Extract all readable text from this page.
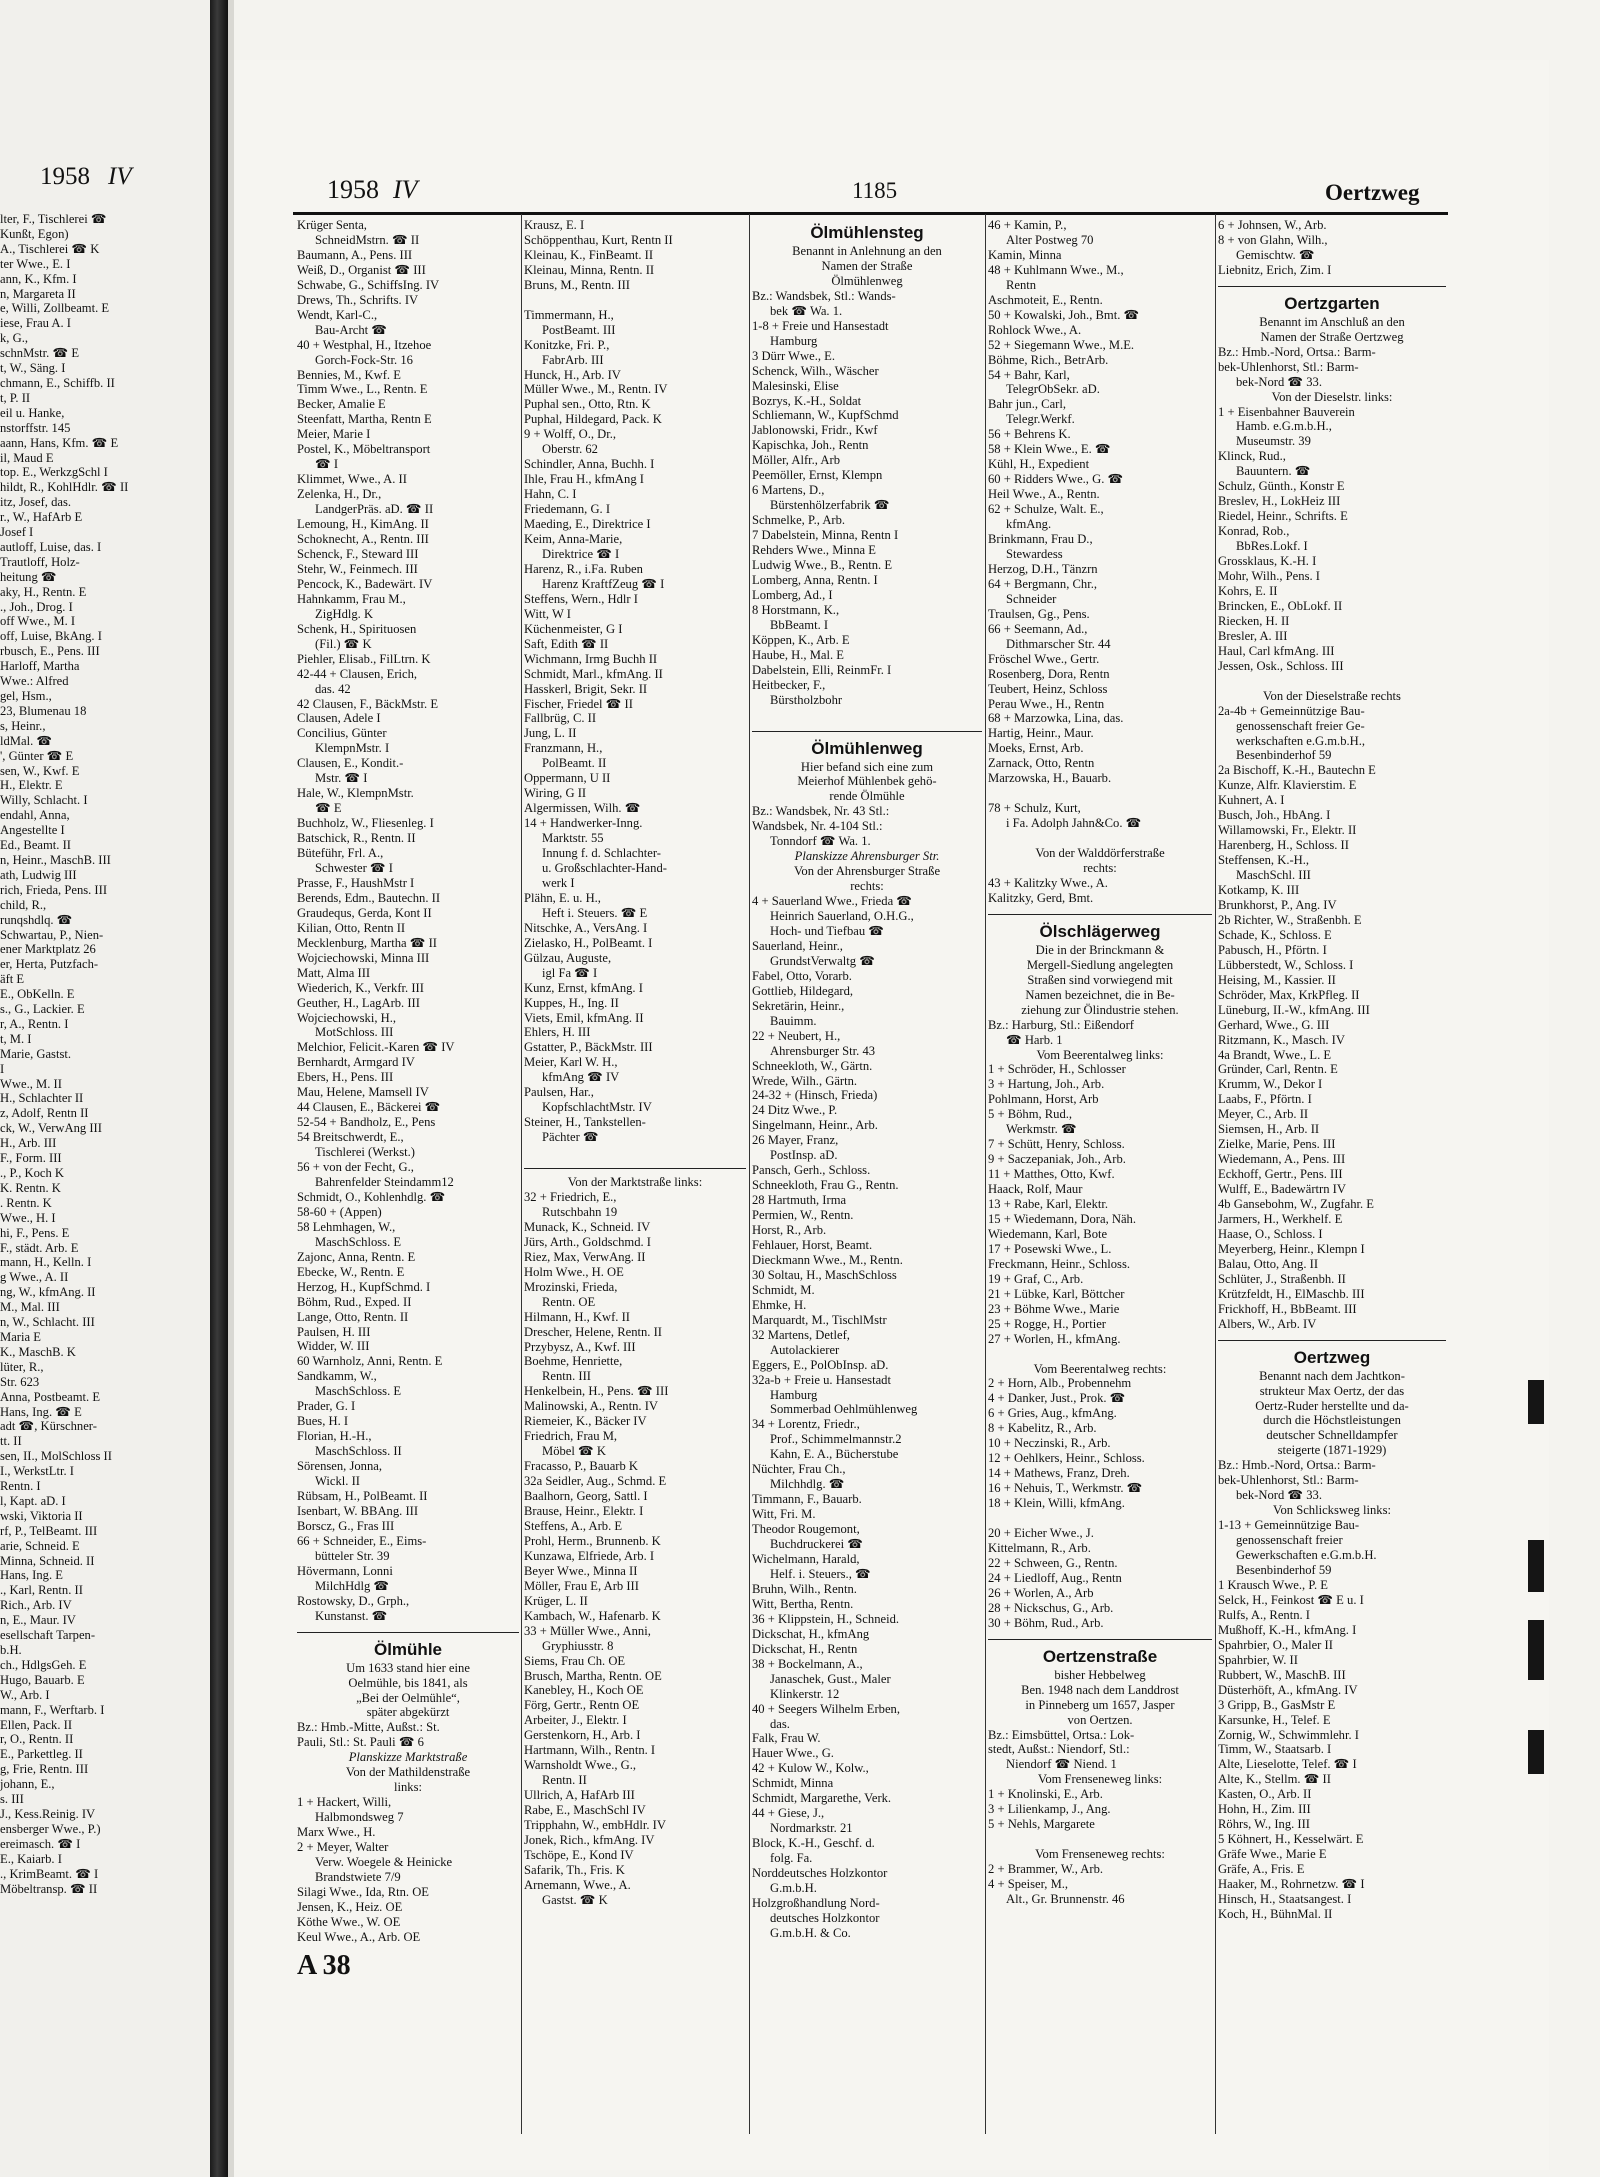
1958 IV
lter, F., Tischlerei ☎
Kunßt, Egon)
A., Tischlerei ☎ K
ter Wwe., E. I
ann, K., Kfm. I
n, Margareta II
e, Willi, Zollbeamt. E
iese, Frau A. I
k, G.,
schnMstr. ☎ E
t, W., Säng. I
chmann, E., Schiffb. II
t, P. II
eil u. Hanke,
nstorffstr. 145
aann, Hans, Kfm. ☎ E
il, Maud E
top. E., WerkzgSchl I
hildt, R., KohlHdlr. ☎ II
itz, Josef, das.
r., W., HafArb E
Josef I
autloff, Luise, das. I
Trautloff, Holz-
heitung ☎
aky, H., Rentn. E
., Joh., Drog. I
off Wwe., M. I
off, Luise, BkAng. I
rbusch, E., Pens. III
Harloff, Martha
Wwe.: Alfred
gel, Hsm.,
23, Blumenau 18
s, Heinr.,
ldMal. ☎
', Günter ☎ E
sen, W., Kwf. E
H., Elektr. E
Willy, Schlacht. I
endahl, Anna,
Angestellte I
Ed., Beamt. II
n, Heinr., MaschB. III
ath, Ludwig III
rich, Frieda, Pens. III
child, R.,
runqshdlq. ☎
Schwartau, P., Nien-
ener Marktplatz 26
er, Herta, Putzfach-
äft E
E., ObKelln. E
s., G., Lackier. E
r, A., Rentn. I
t, M. I
Marie, Gastst.
I
Wwe., M. II
H., Schlachter II
z, Adolf, Rentn II
ck, W., VerwAng III
H., Arb. III
F., Form. III
., P., Koch K
K. Rentn. K
. Rentn. K
Wwe., H. I
hi, F., Pens. E
F., städt. Arb. E
mann, H., Kelln. I
g Wwe., A. II
ng, W., kfmAng. II
M., Mal. III
n, W., Schlacht. III
Maria E
K., MaschB. K
lüter, R.,
Str. 623
Anna, Postbeamt. E
Hans, Ing. ☎ E
adt ☎, Kürschner-
tt. II
sen, II., MolSchloss II
I., WerkstLtr. I
Rentn. I
l, Kapt. aD. I
wski, Viktoria II
rf, P., TelBeamt. III
arie, Schneid. E
Minna, Schneid. II
Hans, Ing. E
., Karl, Rentn. II
Rich., Arb. IV
n, E., Maur. IV
esellschaft Tarpen-
b.H.
ch., HdlgsGeh. E
Hugo, Bauarb. E
W., Arb. I
mann, F., Werftarb. I
Ellen, Pack. II
r, O., Rentn. II
E., Parkettleg. II
g, Frie, Rentn. III
johann, E.,
s. III
J., Kess.Reinig. IV
ensberger Wwe., P.)
ereimasch. ☎ I
E., Kaiarb. I
., KrimBeamt. ☎ I
Möbeltransp. ☎ II
1958 IV	1185	Oertzweg
Krüger Senta,
SchneidMstrn. ☎ II
Baumann, A., Pens. III
Weiß, D., Organist ☎ III
Schwabe, G., SchiffsIng. IV
Drews, Th., Schrifts. IV
Wendt, Karl-C.,
Bau-Archt ☎
40 + Westphal, H., Itzehoe
Gorch-Fock-Str. 16
Bennies, M., Kwf. E
Timm Wwe., L., Rentn. E
Becker, Amalie E
Steenfatt, Martha, Rentn E
Meier, Marie I
Postel, K., Möbeltransport
☎ I
Klimmet, Wwe., A. II
Zelenka, H., Dr.,
LandgerPräs. aD. ☎ II
Lemoung, H., KimAng. II
Schoknecht, A., Rentn. III
Schenck, F., Steward III
Stehr, W., Feinmech. III
Pencock, K., Badewärt. IV
Hahnkamm, Frau M.,
ZigHdlg. K
Schenk, H., Spirituosen
(Fil.) ☎ K
Piehler, Elisab., FilLtrn. K
42-44 + Clausen, Erich,
das. 42
42 Clausen, F., BäckMstr. E
Clausen, Adele I
Concilius, Günter
KlempnMstr. I
Clausen, E., Kondit.-
Mstr. ☎ I
Hale, W., KlempnMstr.
☎ E
Buchholz, W., Fliesenleg. I
Batschick, R., Rentn. II
Büteführ, Frl. A.,
Schwester ☎ I
Prasse, F., HaushMstr I
Berends, Edm., Bautechn. II
Graudequs, Gerda, Kont II
Kilian, Otto, Rentn II
Mecklenburg, Martha ☎ II
Wojciechowski, Minna III
Matt, Alma III
Wiederich, K., Verkfr. III
Geuther, H., LagArb. III
Wojciechowski, H.,
MotSchloss. III
Melchior, Felicit.-Karen ☎ IV
Bernhardt, Armgard IV
Ebers, H., Pens. III
Mau, Helene, Mamsell IV
44 Clausen, E., Bäckerei ☎
52-54 + Bandholz, E., Pens
54 Breitschwerdt, E.,
Tischlerei (Werkst.)
56 + von der Fecht, G.,
Bahrenfelder Steindamm12
Schmidt, O., Kohlenhdlg. ☎
58-60 + (Appen)
58 Lehmhagen, W.,
MaschSchloss. E
Zajonc, Anna, Rentn. E
Ebecke, W., Rentn. E
Herzog, H., KupfSchmd. I
Böhm, Rud., Exped. II
Lange, Otto, Rentn. II
Paulsen, H. III
Widder, W. III
60 Warnholz, Anni, Rentn. E
Sandkamm, W.,
MaschSchloss. E
Prader, G. I
Bues, H. I
Florian, H.-H.,
MaschSchloss. II
Sörensen, Jonna,
Wickl. II
Rübsam, H., PolBeamt. II
Isenbart, W. BBAng. III
Borscz, G., Fras III
66 + Schneider, E., Eims-
bütteler Str. 39
Hövermann, Lonni
MilchHdlg ☎
Rostowsky, D., Grph.,
Kunstanst. ☎

Ölmühle
Um 1633 stand hier eine
Oelmühle, bis 1841, als
„Bei der Oelmühle“,
später abgekürzt
Bz.: Hmb.-Mitte, Außst.: St.
Pauli, Stl.: St. Pauli ☎ 6
Planskizze Marktstraße
Von der Mathildenstraße
links:
1 + Hackert, Willi,
Halbmondsweg 7
Marx Wwe., H.
2 + Meyer, Walter
Verw. Woegele & Heinicke
Brandstwiete 7/9
Silagi Wwe., Ida, Rtn. OE
Jensen, K., Heiz. OE
Köthe Wwe., W. OE
Keul Wwe., A., Arb. OE
A 38
Krausz, E. I
Schöppenthau, Kurt, Rentn II
Kleinau, K., FinBeamt. II
Kleinau, Minna, Rentn. II
Bruns, M., Rentn. III

Timmermann, H.,
PostBeamt. III
Konitzke, Fri. P.,
FabrArb. III
Hunck, H., Arb. IV
Müller Wwe., M., Rentn. IV
Puphal sen., Otto, Rtn. K
Puphal, Hildegard, Pack. K
9 + Wolff, O., Dr.,
Oberstr. 62
Schindler, Anna, Buchh. I
Ihle, Frau H., kfmAng I
Hahn, C. I
Friedemann, G. I
Maeding, E., Direktrice I
Keim, Anna-Marie,
Direktrice ☎ I
Harenz, R., i.Fa. Ruben
Harenz KraftfZeug ☎ I
Steffens, Wern., Hdlr I
Witt, W I
Küchenmeister, G I
Saft, Edith ☎ II
Wichmann, Irmg Buchh II
Schmidt, Marl., kfmAng. II
Hasskerl, Brigit, Sekr. II
Fischer, Friedel ☎ II
Fallbrüg, C. II
Jung, L. II
Franzmann, H.,
PolBeamt. II
Oppermann, U II
Wiring, G II
Algermissen, Wilh. ☎
14 + Handwerker-Inng.
Marktstr. 55
Innung f. d. Schlachter-
u. Großschlachter-Hand-
werk I
Plähn, E. u. H.,
Heft i. Steuers. ☎ E
Nitschke, A., VersAng. I
Zielasko, H., PolBeamt. I
Gülzau, Auguste,
igl Fa ☎ I
Kunz, Ernst, kfmAng. I
Kuppes, H., Ing. II
Viets, Emil, kfmAng. II
Ehlers, H. III
Gstatter, P., BäckMstr. III
Meier, Karl W. H.,
kfmAng ☎ IV
Paulsen, Har.,
KopfschlachtMstr. IV
Steiner, H., Tankstellen-
Pächter ☎

Von der Marktstraße links:
32 + Friedrich, E.,
Rutschbahn 19
Munack, K., Schneid. IV
Jürs, Arth., Goldschmd. I
Riez, Max, VerwAng. II
Holm Wwe., H. OE
Mrozinski, Frieda,
Rentn. OE
Hilmann, H., Kwf. II
Drescher, Helene, Rentn. II
Przybysz, A., Kwf. III
Boehme, Henriette,
Rentn. III
Henkelbein, H., Pens. ☎ III
Malinowski, A., Rentn. IV
Riemeier, K., Bäcker IV
Friedrich, Frau M,
Möbel ☎ K
Fracasso, P., Bauarb K
32a Seidler, Aug., Schmd. E
Baalhorn, Georg, Sattl. I
Brause, Heinr., Elektr. I
Steffens, A., Arb. E
Prohl, Herm., Brunnenb. K
Kunzawa, Elfriede, Arb. I
Beyer Wwe., Minna II
Möller, Frau E, Arb III
Krüger, L. II
Kambach, W., Hafenarb. K
33 + Müller Wwe., Anni,
Gryphiusstr. 8
Siems, Frau Ch. OE
Brusch, Martha, Rentn. OE
Kanebley, H., Koch OE
Förg, Gertr., Rentn OE
Arbeiter, J., Elektr. I
Gerstenkorn, H., Arb. I
Hartmann, Wilh., Rentn. I
Warnsholdt Wwe., G.,
Rentn. II
Ullrich, A, HafArb III
Rabe, E., MaschSchl IV
Tripphahn, W., embHdlr. IV
Jonek, Rich., kfmAng. IV
Tschöpe, E., Kond IV
Safarik, Th., Fris. K
Arnemann, Wwe., A.
Gastst. ☎ K
Ölmühlensteg
Benannt in Anlehnung an den
Namen der Straße
Ölmühlenweg
Bz.: Wandsbek, Stl.: Wands-
bek ☎ Wa. 1.
1-8 + Freie und Hansestadt
Hamburg
3 Dürr Wwe., E.
Schenck, Wilh., Wäscher
Malesinski, Elise
Bozrys, K.-H., Soldat
Schliemann, W., KupfSchmd
Jablonowski, Fridr., Kwf
Kapischka, Joh., Rentn
Möller, Alfr., Arb
Peemöller, Ernst, Klempn
6 Martens, D.,
Bürstenhölzerfabrik ☎
Schmelke, P., Arb.
7 Dabelstein, Minna, Rentn I
Rehders Wwe., Minna E
Ludwig Wwe., B., Rentn. E
Lomberg, Anna, Rentn. I
Lomberg, Ad., I
8 Horstmann, K.,
BbBeamt. I
Köppen, K., Arb. E
Haube, H., Mal. E
Dabelstein, Elli, ReinmFr. I
Heitbecker, F.,
Bürstholzbohr

Ölmühlenweg
Hier befand sich eine zum
Meierhof Mühlenbek gehö-
rende Ölmühle
Bz.: Wandsbek, Nr. 43 Stl.:
Wandsbek, Nr. 4-104 Stl.:
Tonndorf ☎ Wa. 1.
Planskizze Ahrensburger Str.
Von der Ahrensburger Straße
rechts:
4 + Sauerland Wwe., Frieda ☎
Heinrich Sauerland, O.H.G.,
Hoch- und Tiefbau ☎
Sauerland, Heinr.,
GrundstVerwaltg ☎
Fabel, Otto, Vorarb.
Gottlieb, Hildegard,
Sekretärin, Heinr.,
Bauimm.
22 + Neubert, H.,
Ahrensburger Str. 43
Schneekloth, W., Gärtn.
Wrede, Wilh., Gärtn.
24-32 + (Hinsch, Frieda)
24 Ditz Wwe., P.
Singelmann, Heinr., Arb.
26 Mayer, Franz,
PostInsp. aD.
Pansch, Gerh., Schloss.
Schneekloth, Frau G., Rentn.
28 Hartmuth, Irma
Permien, W., Rentn.
Horst, R., Arb.
Fehlauer, Horst, Beamt.
Dieckmann Wwe., M., Rentn.
30 Soltau, H., MaschSchloss
Schmidt, M.
Ehmke, H.
Marquardt, M., TischlMstr
32 Martens, Detlef,
Autolackierer
Eggers, E., PolObInsp. aD.
32a-b + Freie u. Hansestadt
Hamburg
Sommerbad Oehlmühlenweg
34 + Lorentz, Friedr.,
Prof., Schimmelmannstr.2
Kahn, E. A., Bücherstube
Nüchter, Frau Ch.,
Milchhdlg. ☎
Timmann, F., Bauarb.
Witt, Fri. M.
Theodor Rougemont,
Buchdruckerei ☎
Wichelmann, Harald,
Helf. i. Steuers., ☎
Bruhn, Wilh., Rentn.
Witt, Bertha, Rentn.
36 + Klippstein, H., Schneid.
Dickschat, H., kfmAng
Dickschat, H., Rentn
38 + Bockelmann, A.,
Janaschek, Gust., Maler
Klinkerstr. 12
40 + Seegers Wilhelm Erben,
das.
Falk, Frau W.
Hauer Wwe., G.
42 + Kulow W., Kolw.,
Schmidt, Minna
Schmidt, Margarethe, Verk.
44 + Giese, J.,
Nordmarkstr. 21
Block, K.-H., Geschf. d.
folg. Fa.
Norddeutsches Holzkontor
G.m.b.H.
Holzgroßhandlung Nord-
deutsches Holzkontor
G.m.b.H. & Co.
46 + Kamin, P.,
Alter Postweg 70
Kamin, Minna
48 + Kuhlmann Wwe., M.,
Rentn
Aschmoteit, E., Rentn.
50 + Kowalski, Joh., Bmt. ☎
Rohlock Wwe., A.
52 + Siegemann Wwe., M.E.
Böhme, Rich., BetrArb.
54 + Bahr, Karl,
TelegrObSekr. aD.
Bahr jun., Carl,
Telegr.Werkf.
56 + Behrens K.
58 + Klein Wwe., E. ☎
Kühl, H., Expedient
60 + Ridders Wwe., G. ☎
Heil Wwe., A., Rentn.
62 + Schulze, Walt. E.,
kfmAng.
Brinkmann, Frau D.,
Stewardess
Herzog, D.H., Tänzrn
64 + Bergmann, Chr.,
Schneider
Traulsen, Gg., Pens.
66 + Seemann, Ad.,
Dithmarscher Str. 44
Fröschel Wwe., Gertr.
Rosenberg, Dora, Rentn
Teubert, Heinz, Schloss
Perau Wwe., H., Rentn
68 + Marzowka, Lina, das.
Hartig, Heinr., Maur.
Moeks, Ernst, Arb.
Zarnack, Otto, Rentn
Marzowska, H., Bauarb.

78 + Schulz, Kurt,
i Fa. Adolph Jahn&Co. ☎

Von der Walddörferstraße
rechts:
43 + Kalitzky Wwe., A.
Kalitzky, Gerd, Bmt.

Ölschlägerweg
Die in der Brinckmann &
Mergell-Siedlung angelegten
Straßen sind vorwiegend mit
Namen bezeichnet, die in Be-
ziehung zur Ölindustrie stehen.
Bz.: Harburg, Stl.: Eißendorf
☎ Harb. 1
Vom Beerentalweg links:
1 + Schröder, H., Schlosser
3 + Hartung, Joh., Arb.
Pohlmann, Horst, Arb
5 + Böhm, Rud.,
Werkmstr. ☎
7 + Schütt, Henry, Schloss.
9 + Saczepaniak, Joh., Arb.
11 + Matthes, Otto, Kwf.
Haack, Rolf, Maur
13 + Rabe, Karl, Elektr.
15 + Wiedemann, Dora, Näh.
Wiedemann, Karl, Bote
17 + Posewski Wwe., L.
Freckmann, Heinr., Schloss.
19 + Graf, C., Arb.
21 + Lübke, Karl, Böttcher
23 + Böhme Wwe., Marie
25 + Rogge, H., Portier
27 + Worlen, H., kfmAng.

Vom Beerentalweg rechts:
2 + Horn, Alb., Probennehm
4 + Danker, Just., Prok. ☎
6 + Gries, Aug., kfmAng.
8 + Kabelitz, R., Arb.
10 + Neczinski, R., Arb.
12 + Oehlkers, Heinr., Schloss.
14 + Mathews, Franz, Dreh.
16 + Nehuis, T., Werkmstr. ☎
18 + Klein, Willi, kfmAng.

20 + Eicher Wwe., J.
Kittelmann, R., Arb.
22 + Schween, G., Rentn.
24 + Liedloff, Aug., Rentn
26 + Worlen, A., Arb
28 + Nickschus, G., Arb.
30 + Böhm, Rud., Arb.

Oertzenstraße
bisher Hebbelweg
Ben. 1948 nach dem Landdrost
in Pinneberg um 1657, Jasper
von Oertzen.
Bz.: Eimsbüttel, Ortsa.: Lok-
stedt, Außst.: Niendorf, Stl.:
Niendorf ☎ Niend. 1
Vom Frenseneweg links:
1 + Knolinski, E., Arb.
3 + Lilienkamp, J., Ang.
5 + Nehls, Margarete

Vom Frenseneweg rechts:
2 + Brammer, W., Arb.
4 + Speiser, M.,
Alt., Gr. Brunnenstr. 46
6 + Johnsen, W., Arb.
8 + von Glahn, Wilh.,
Gemischtw. ☎
Liebnitz, Erich, Zim. I

Oertzgarten
Benannt im Anschluß an den
Namen der Straße Oertzweg
Bz.: Hmb.-Nord, Ortsa.: Barm-
bek-Uhlenhorst, Stl.: Barm-
bek-Nord ☎ 33.
Von der Dieselstr. links:
1 + Eisenbahner Bauverein
Hamb. e.G.m.b.H.,
Museumstr. 39
Klinck, Rud.,
Bauuntern. ☎
Schulz, Günth., Konstr E
Breslev, H., LokHeiz III
Riedel, Heinr., Schrifts. E
Konrad, Rob.,
BbRes.Lokf. I
Grossklaus, K.-H. I
Mohr, Wilh., Pens. I
Kohrs, E. II
Brincken, E., ObLokf. II
Riecken, H. II
Bresler, A. III
Haul, Carl kfmAng. III
Jessen, Osk., Schloss. III

Von der Dieselstraße rechts
2a-4b + Gemeinnützige Bau-
genossenschaft freier Ge-
werkschaften e.G.m.b.H.,
Besenbinderhof 59
2a Bischoff, K.-H., Bautechn E
Kunze, Alfr. Klavierstim. E
Kuhnert, A. I
Busch, Joh., HbAng. I
Willamowski, Fr., Elektr. II
Harenberg, H., Schloss. II
Steffensen, K.-H.,
MaschSchl. III
Kotkamp, K. III
Brunkhorst, P., Ang. IV
2b Richter, W., Straßenbh. E
Schade, K., Schloss. E
Pabusch, H., Pförtn. I
Lübberstedt, W., Schloss. I
Heising, M., Kassier. II
Schröder, Max, KrkPfleg. II
Lüneburg, II.-W., kfmAng. III
Gerhard, Wwe., G. III
Ritzmann, K., Masch. IV
4a Brandt, Wwe., L. E
Gründer, Carl, Rentn. E
Krumm, W., Dekor I
Laabs, F., Pförtn. I
Meyer, C., Arb. II
Siemsen, H., Arb. II
Zielke, Marie, Pens. III
Wiedemann, A., Pens. III
Eckhoff, Gertr., Pens. III
Wulff, E., Badewärtrn IV
4b Gansebohm, W., Zugfahr. E
Jarmers, H., Werkhelf. E
Haase, O., Schloss. I
Meyerberg, Heinr., Klempn I
Balau, Otto, Ang. II
Schlüter, J., Straßenbh. II
Krützfeldt, H., ElMaschb. III
Frickhoff, H., BbBeamt. III
Albers, W., Arb. IV

Oertzweg
Benannt nach dem Jachtkon-
strukteur Max Oertz, der das
Oertz-Ruder herstellte und da-
durch die Höchstleistungen
deutscher Schnelldampfer
steigerte (1871-1929)
Bz.: Hmb.-Nord, Ortsa.: Barm-
bek-Uhlenhorst, Stl.: Barm-
bek-Nord ☎ 33.
Von Schlicksweg links:
1-13 + Gemeinnützige Bau-
genossenschaft freier
Gewerkschaften e.G.m.b.H.
Besenbinderhof 59
1 Krausch Wwe., P. E
Selck, H., Feinkost ☎ E u. I
Rulfs, A., Rentn. I
Mußhoff, K.-H., kfmAng. I
Spahrbier, O., Maler II
Spahrbier, W. II
Rubbert, W., MaschB. III
Düsterhöft, A., kfmAng. IV
3 Gripp, B., GasMstr E
Karsunke, H., Telef. E
Zornig, W., Schwimmlehr. I
Timm, W., Staatsarb. I
Alte, Lieselotte, Telef. ☎ I
Alte, K., Stellm. ☎ II
Kasten, O., Arb. II
Hohn, H., Zim. III
Röhrs, W., Ing. III
5 Köhnert, H., Kesselwärt. E
Gräfe Wwe., Marie E
Gräfe, A., Fris. E
Haaker, M., Rohrnetzw. ☎ I
Hinsch, H., Staatsangest. I
Koch, H., BühnMal. II
